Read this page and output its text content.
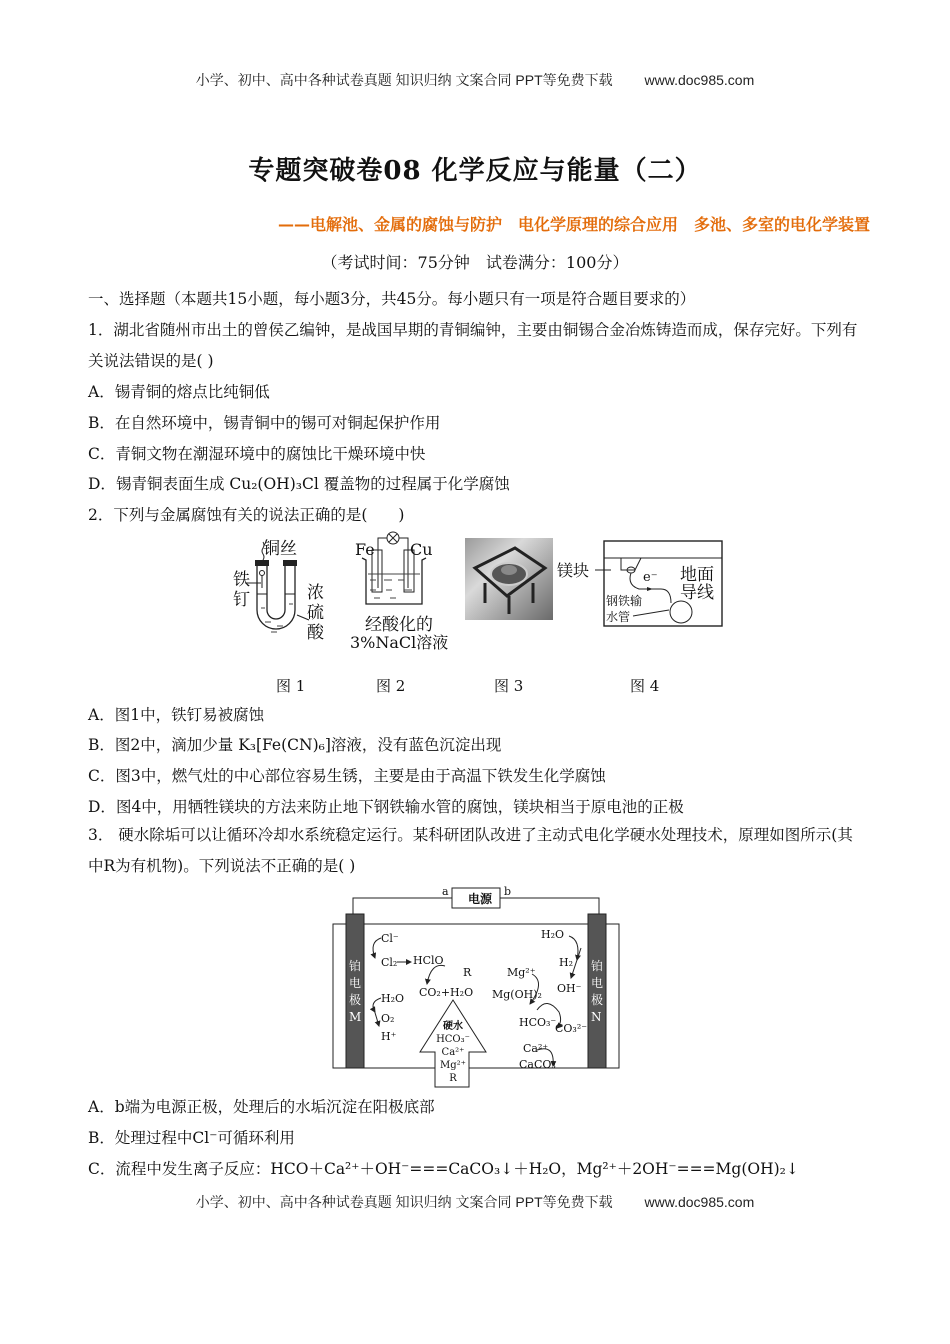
小学、初中、高中各种试卷真题 知识归纳 文案合同 PPT等免费下载 www.doc985.com
专题突破卷08 化学反应与能量（二）
——电解池、金属的腐蚀与防护 电化学原理的综合应用 多池、多室的电化学装置
（考试时间：75分钟　试卷满分：100分）
一、选择题（本题共15小题，每小题3分，共45分。每小题只有一项是符合题目要求的）
1．湖北省随州市出土的曾侯乙编钟，是战国早期的青铜编钟，主要由铜锡合金冶炼铸造而成，保存完好。下列有关说法错误的是( )
A．锡青铜的熔点比纯铜低
B．在自然环境中，锡青铜中的锡可对铜起保护作用
C．青铜文物在潮湿环境中的腐蚀比干燥环境中快
D．锡青铜表面生成 Cu₂(OH)₃Cl 覆盖物的过程属于化学腐蚀
2．下列与金属腐蚀有关的说法正确的是(　　)
铜丝
铁钉	浓硫酸
Fe Cu
经酸化的
3%NaCl溶液
镁块	e⁻ 地面
导线
钢铁输
水管
图 1	图 2	图 3	图 4
A．图1中，铁钉易被腐蚀
B．图2中，滴加少量 K₃[Fe(CN)₆]溶液，没有蓝色沉淀出现
C．图3中，燃气灶的中心部位容易生锈，主要是由于高温下铁发生化学腐蚀
D．图4中，用牺牲镁块的方法来防止地下钢铁输水管的腐蚀，镁块相当于原电池的正极
3． 硬水除垢可以让循环冷却水系统稳定运行。某科研团队改进了主动式电化学硬水处理技术，原理如图所示(其中R为有机物)。下列说法不正确的是( )
电源
a	b
铂电极M
铂电极N
Cl⁻
Cl₂ HClO
R
CO₂+H₂O
H₂O
O₂
H⁺
H₂O
H₂
Mg²⁺
OH⁻
Mg(OH)₂
HCO₃⁻
CO₃²⁻
Ca²⁺
CaCO₃
硬水
HCO₃⁻
Ca²⁺
Mg²⁺
R
A．b端为电源正极，处理后的水垢沉淀在阳极底部
B．处理过程中Cl⁻可循环利用
C．流程中发生离子反应：HCO＋Ca²⁺＋OH⁻===CaCO₃↓＋H₂O，Mg²⁺＋2OH⁻===Mg(OH)₂↓
小学、初中、高中各种试卷真题 知识归纳 文案合同 PPT等免费下载 www.doc985.com
